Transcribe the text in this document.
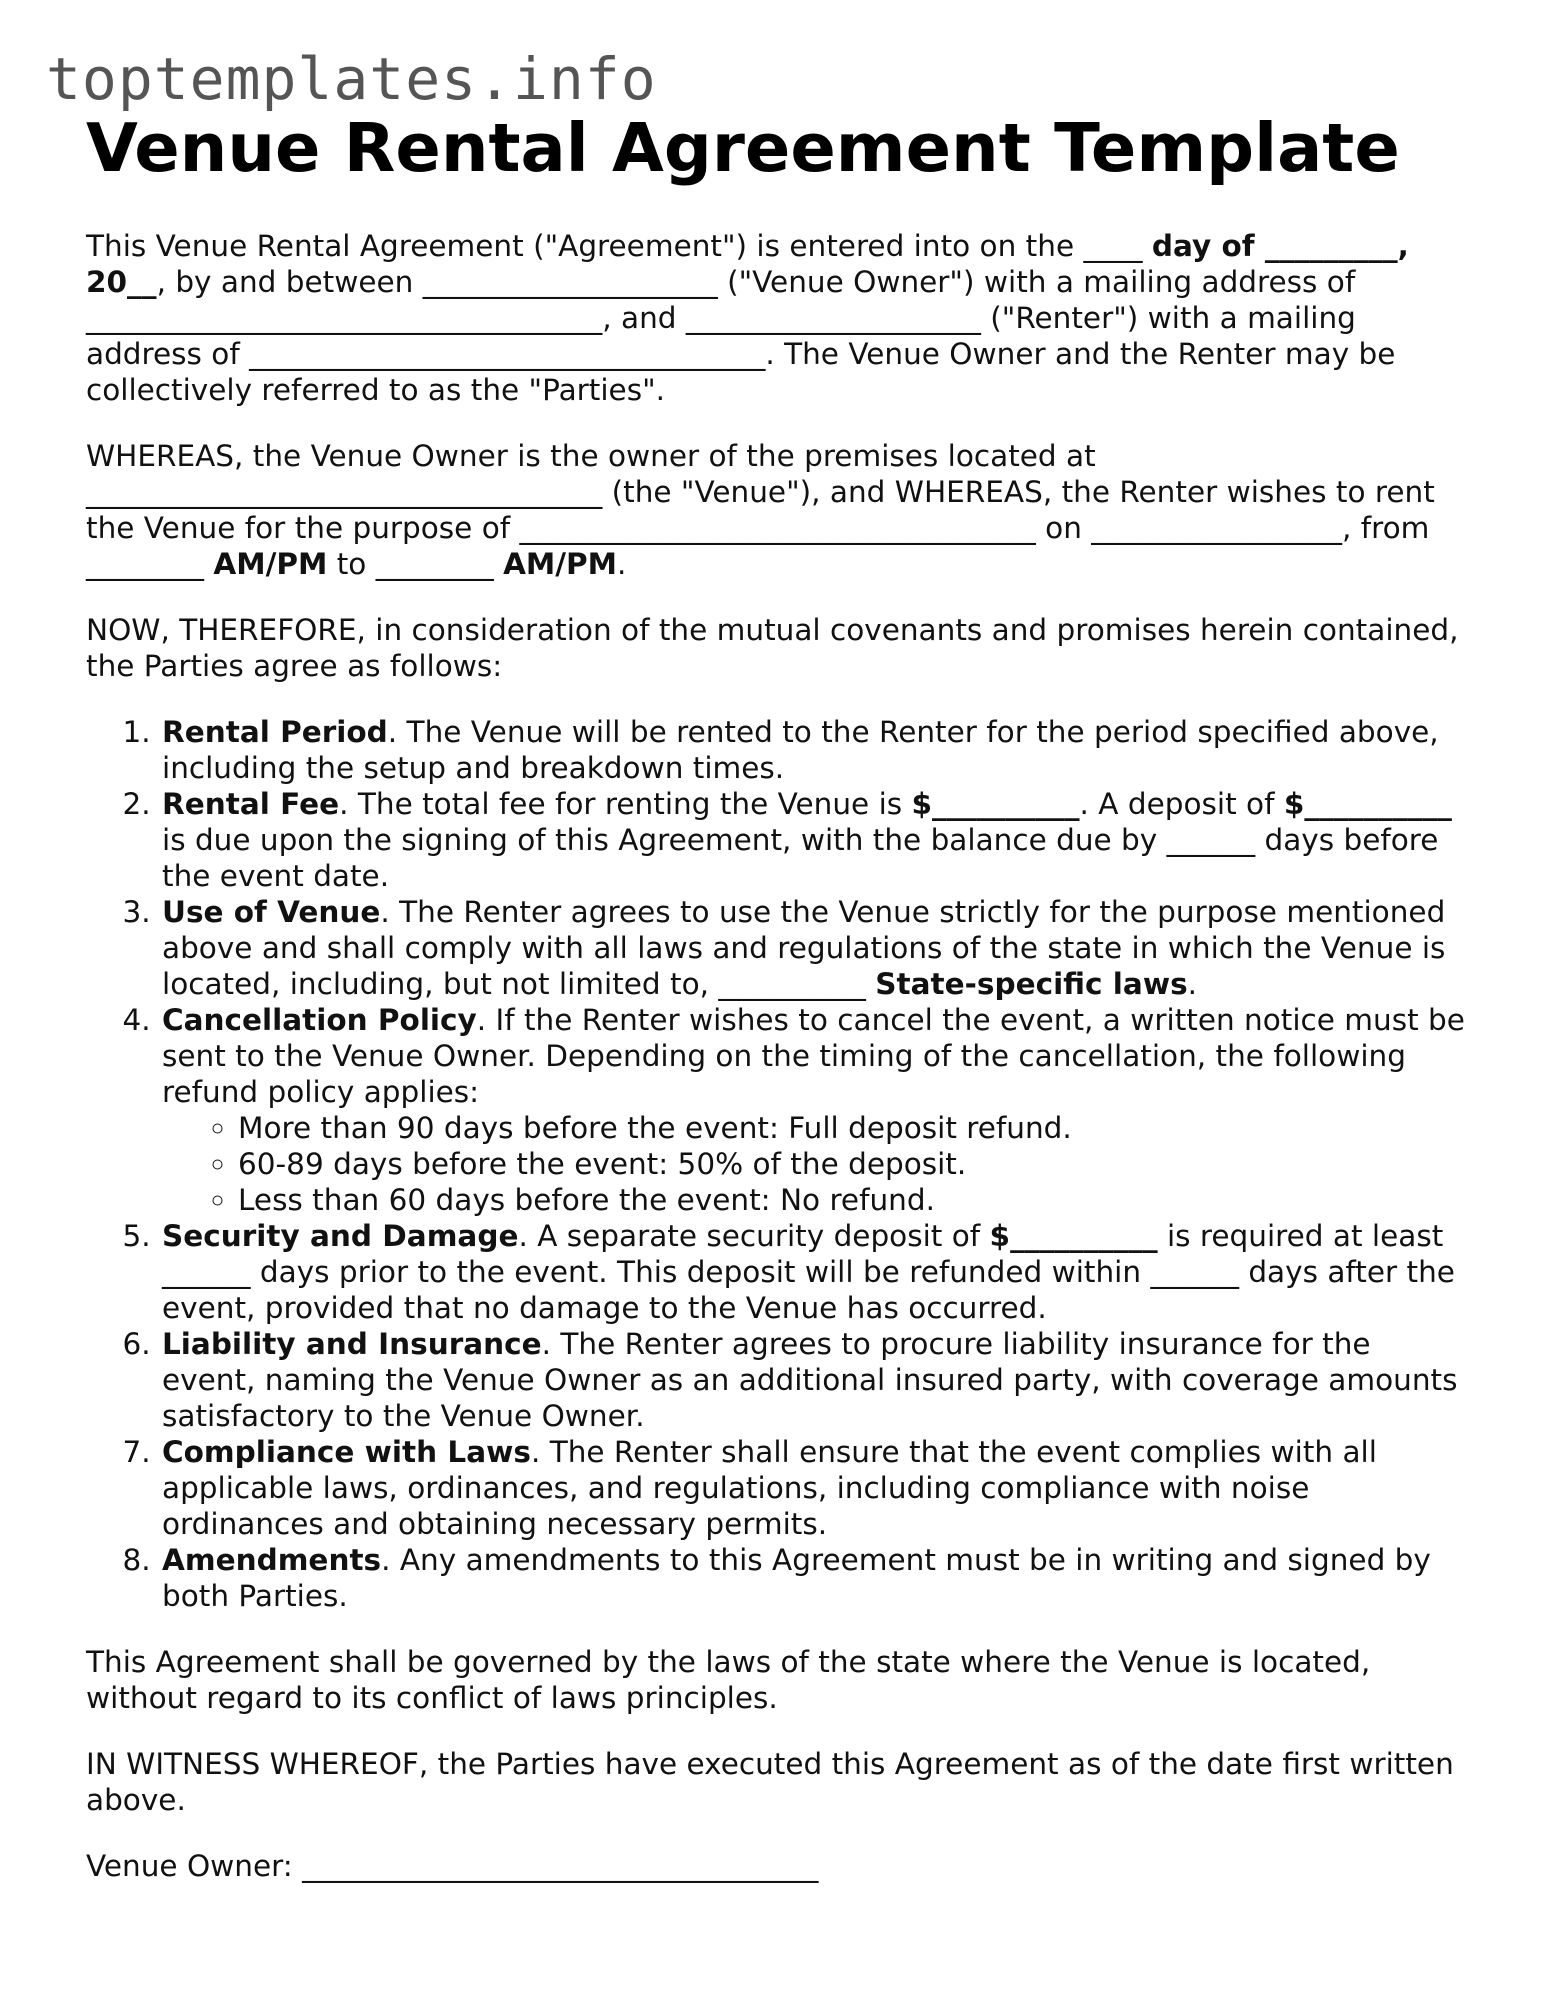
toptemplates.info
Venue Rental Agreement Template

This Venue Rental Agreement ("Agreement") is entered into on the ____ day of _________, 20__, by and between ____________________ ("Venue Owner") with a mailing address of ___________________________________, and ____________________ ("Renter") with a mailing address of ___________________________________. The Venue Owner and the Renter may be collectively referred to as the "Parties".

WHEREAS, the Venue Owner is the owner of the premises located at ___________________________________ (the "Venue"), and WHEREAS, the Renter wishes to rent the Venue for the purpose of ___________________________________ on _________________, from ________ AM/PM to ________ AM/PM.

NOW, THEREFORE, in consideration of the mutual covenants and promises herein contained, the Parties agree as follows:

1. Rental Period. The Venue will be rented to the Renter for the period specified above, including the setup and breakdown times.
2. Rental Fee. The total fee for renting the Venue is $__________. A deposit of $__________ is due upon the signing of this Agreement, with the balance due by ______ days before the event date.
3. Use of Venue. The Renter agrees to use the Venue strictly for the purpose mentioned above and shall comply with all laws and regulations of the state in which the Venue is located, including, but not limited to, __________ State-specific laws.
4. Cancellation Policy. If the Renter wishes to cancel the event, a written notice must be sent to the Venue Owner. Depending on the timing of the cancellation, the following refund policy applies:
◦ More than 90 days before the event: Full deposit refund.
◦ 60-89 days before the event: 50% of the deposit.
◦ Less than 60 days before the event: No refund.
5. Security and Damage. A separate security deposit of $__________ is required at least ______ days prior to the event. This deposit will be refunded within ______ days after the event, provided that no damage to the Venue has occurred.
6. Liability and Insurance. The Renter agrees to procure liability insurance for the event, naming the Venue Owner as an additional insured party, with coverage amounts satisfactory to the Venue Owner.
7. Compliance with Laws. The Renter shall ensure that the event complies with all applicable laws, ordinances, and regulations, including compliance with noise ordinances and obtaining necessary permits.
8. Amendments. Any amendments to this Agreement must be in writing and signed by both Parties.

This Agreement shall be governed by the laws of the state where the Venue is located, without regard to its conflict of laws principles.

IN WITNESS WHEREOF, the Parties have executed this Agreement as of the date first written above.

Venue Owner: ___________________________________
